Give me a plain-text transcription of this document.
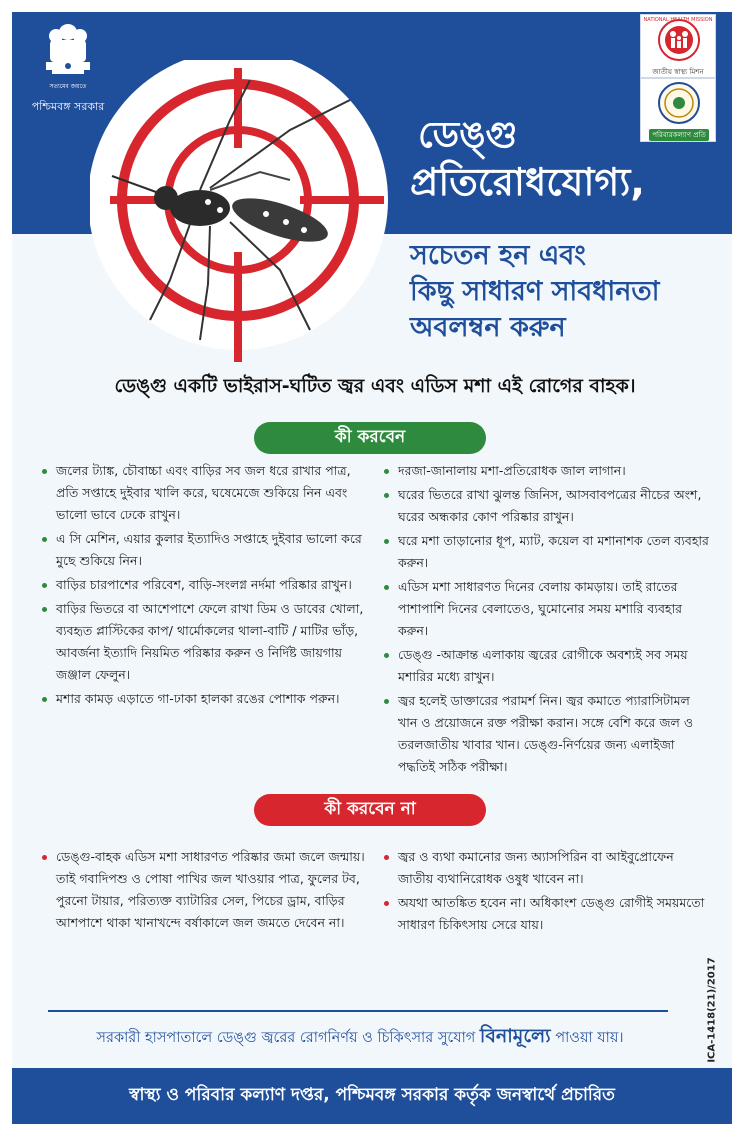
সত্যমেব জয়তে
পশ্চিমবঙ্গ সরকার
NATIONAL HEALTH MISSION
জাতীয় স্বাস্থ্য মিশন
পরিবারকল্যাণ প্রতি
ডেঙ্গু
প্রতিরোধযোগ্য,
সচেতন হন এবং
কিছু সাধারণ সাবধানতা
অবলম্বন করুন
ডেঙ্গু একটি ভাইরাস-ঘটিত জ্বর এবং এডিস মশা এই রোগের বাহক।
কী করবেন
জলের ট্যাঙ্ক, চৌবাচ্চা এবং বাড়ির সব জল ধরে রাখার পাত্র, প্রতি সপ্তাহে দুইবার খালি করে, ঘষেমেজে শুকিয়ে নিন এবং ভালো ভাবে ঢেকে রাখুন।
এ সি মেশিন, এয়ার কুলার ইত্যাদিও সপ্তাহে দুইবার ভালো করে মুছে শুকিয়ে নিন।
বাড়ির চারপাশের পরিবেশ, বাড়ি-সংলগ্ন নর্দমা পরিষ্কার রাখুন।
বাড়ির ভিতরে বা আশেপাশে ফেলে রাখা ডিম ও ডাবের খোলা, ব্যবহৃত প্লাস্টিকের কাপ/ থার্মোকলের থালা-বাটি / মাটির ভাঁড়, আবর্জনা ইত্যাদি নিয়মিত পরিষ্কার করুন ও নির্দিষ্ট জায়গায় জঞ্জাল ফেলুন।
মশার কামড় এড়াতে গা-ঢাকা হালকা রঙের পোশাক পরুন।
দরজা-জানালায় মশা-প্রতিরোধক জাল লাগান।
ঘরের ভিতরে রাখা ঝুলন্ত জিনিস, আসবাবপত্রের নীচের অংশ, ঘরের অন্ধকার কোণ পরিষ্কার রাখুন।
ঘরে মশা তাড়ানোর ধূপ, ম্যাট, কয়েল বা মশানাশক তেল ব্যবহার করুন।
এডিস মশা সাধারণত দিনের বেলায় কামড়ায়। তাই রাতের পাশাপাশি দিনের বেলাতেও, ঘুমোনোর সময় মশারি ব্যবহার করুন।
ডেঙ্গু -আক্রান্ত এলাকায় জ্বরের রোগীকে অবশ্যই সব সময় মশারির মধ্যে রাখুন।
জ্বর হলেই ডাক্তারের পরামর্শ নিন। জ্বর কমাতে প্যারাসিটামল খান ও প্রয়োজনে রক্ত পরীক্ষা করান। সঙ্গে বেশি করে জল ও তরলজাতীয় খাবার খান। ডেঙ্গু-নির্ণয়ের জন্য এলাইজা পদ্ধতিই সঠিক পরীক্ষা।
কী করবেন না
ডেঙ্গু-বাহক এডিস মশা সাধারণত পরিষ্কার জমা জলে জন্মায়। তাই গবাদিপশু ও পোষা পাখির জল খাওয়ার পাত্র, ফুলের টব, পুরনো টায়ার, পরিত্যক্ত ব্যাটারির সেল, পিচের ড্রাম, বাড়ির আশপাশে থাকা খানাখন্দে বর্ষাকালে জল জমতে দেবেন না।
জ্বর ও ব্যথা কমানোর জন্য অ্যাসপিরিন বা আইবুপ্রোফেন জাতীয় ব্যথানিরোধক ওষুধ খাবেন না।
অযথা আতঙ্কিত হবেন না। অধিকাংশ ডেঙ্গু রোগীই সময়মতো সাধারণ চিকিৎসায় সেরে যায়।
সরকারী হাসপাতালে ডেঙ্গু জ্বরের রোগনির্ণয় ও চিকিৎসার সুযোগ বিনামূল্যে পাওয়া যায়।	ICA-1418(21)/2017
স্বাস্থ্য ও পরিবার কল্যাণ দপ্তর, পশ্চিমবঙ্গ সরকার কর্তৃক জনস্বার্থে প্রচারিত
